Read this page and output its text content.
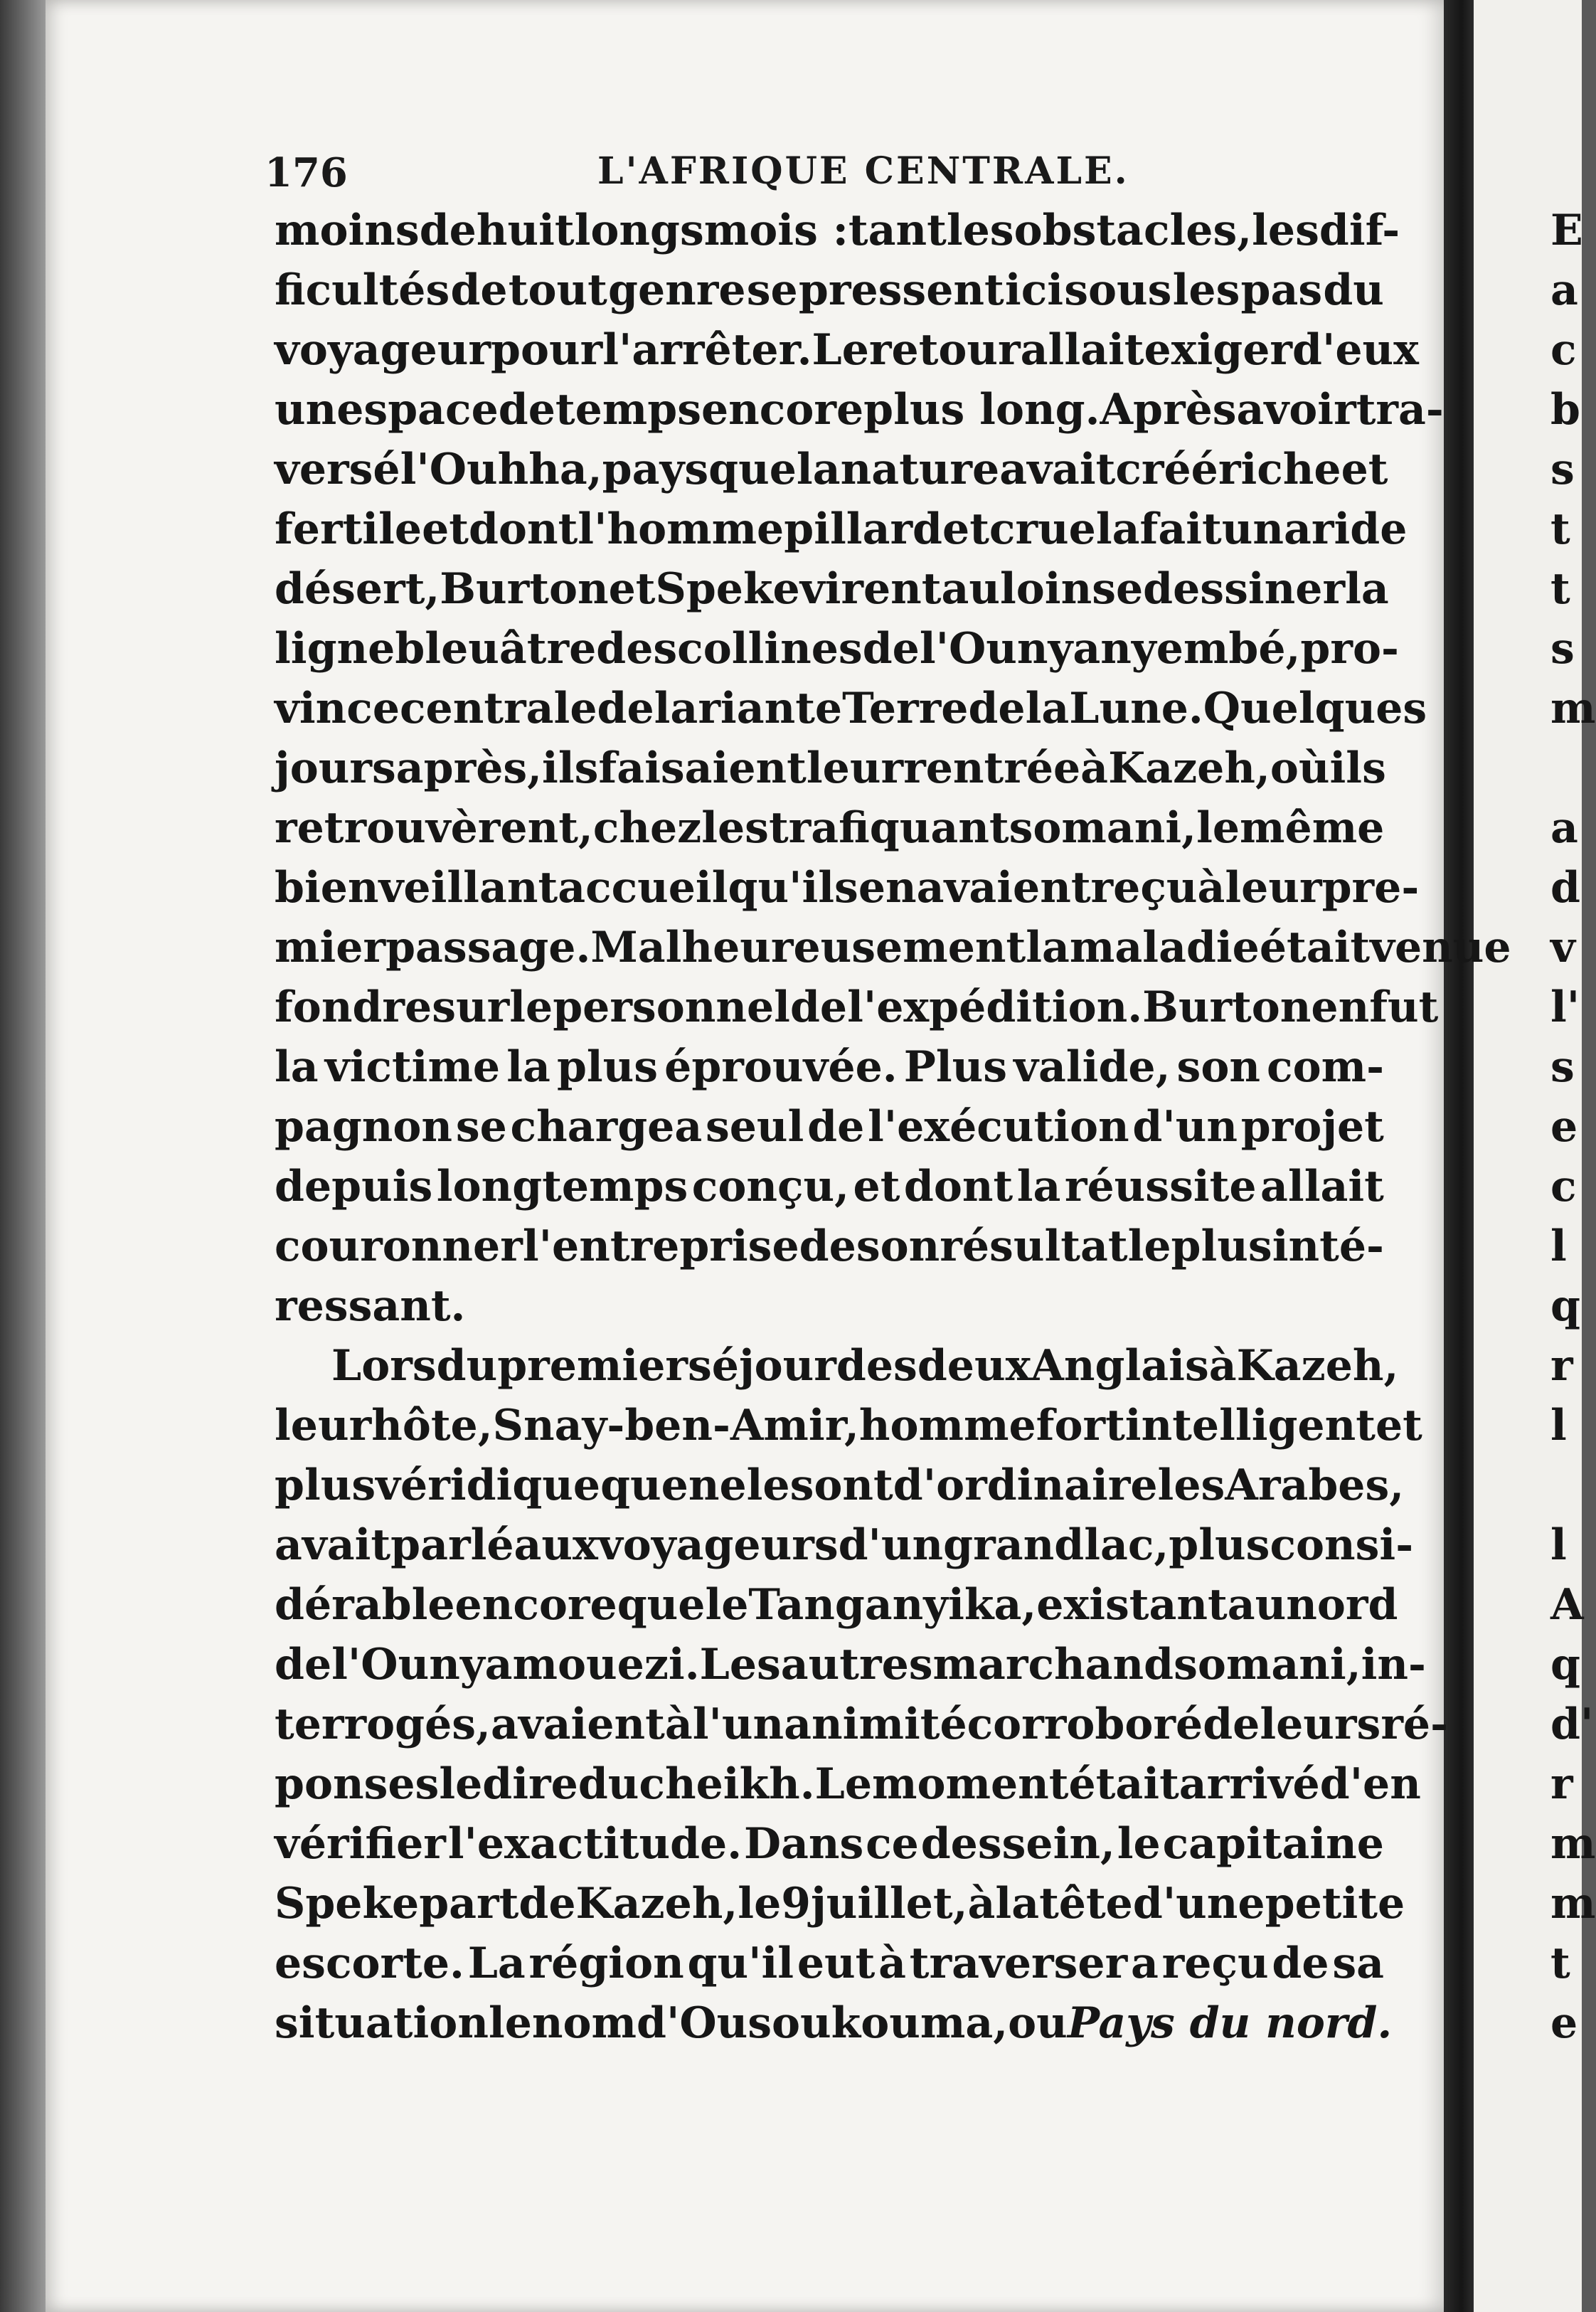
176	L'AFRIQUE CENTRALE.
moins de huit longs mois : tant les obstacles, les dif-
ficultés de tout genre se pressent ici sous les pas du
voyageur pour l'arrêter. Le retour allait exiger d'eux
un espace de temps encore plus long. Après avoir tra-
versé l'Ouhha, pays que la nature avait créé riche et
fertile et dont l'homme pillard et cruel a fait un aride
désert, Burton et Speke virent au loin se dessiner la
ligne bleuâtre des collines de l'Ounyanyembé, pro-
vince centrale de la riante Terre de la Lune. Quelques
jours après, ils faisaient leur rentrée à Kazeh, où ils
retrouvèrent, chez les trafiquants omani, le même
bienveillant accueil qu'ils en avaient reçu à leur pre-
mier passage. Malheureusement la maladie était venue
fondre sur le personnel de l'expédition. Burton en fut
la victime la plus éprouvée. Plus valide, son com-
pagnon se chargea seul de l'exécution d'un projet
depuis longtemps conçu, et dont la réussite allait
couronner l'entreprise de son résultat le plus inté-
ressant.
Lors du premier séjour des deux Anglais à Kazeh,
leur hôte, Snay-ben-Amir, homme fort intelligent et
plus véridique que ne le sont d'ordinaire les Arabes,
avait parlé aux voyageurs d'un grand lac, plus consi-
dérable encore que le Tanganyika, existant au nord
de l'Ounyamouezi. Les autres marchands omani, in-
terrogés, avaient à l'unanimité corroboré de leurs ré-
ponses le dire du cheikh. Le moment était arrivé d'en
vérifier l'exactitude. Dans ce dessein, le capitaine
Speke part de Kazeh, le 9 juillet, à la tête d'une petite
escorte. La région qu'il eut à traverser a reçu de sa
situation le nom d'Ousoukouma, ou Pays du nord.
E
a
c
b
s
t
t
s
m
a
d
v
l'
s
e
c
l
q
r
l
l
A
q
d'
r
m
m
t
e
